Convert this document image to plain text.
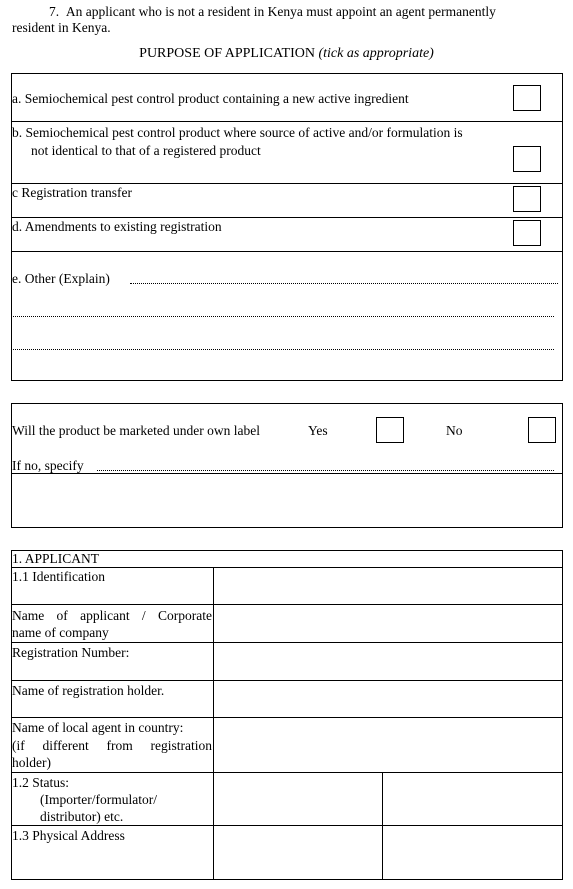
7. An applicant who is not a resident in Kenya must appoint an agent permanently
resident in Kenya.
PURPOSE OF APPLICATION (tick as appropriate)
a. Semiochemical pest control product containing a new active ingredient
b. Semiochemical pest control product where source of active and/or formulation is
not identical to that of a registered product
c Registration transfer
d. Amendments to existing registration
e. Other (Explain)
Will the product be marketed under own label	Yes	No
If no, specify
1. APPLICANT
1.1 Identification
Name of applicant / Corporate
name of company
Registration Number:
Name of registration holder.
Name of local agent in country:
(if different from registration
holder)
1.2 Status:
(Importer/formulator/
distributor) etc.
1.3 Physical Address
